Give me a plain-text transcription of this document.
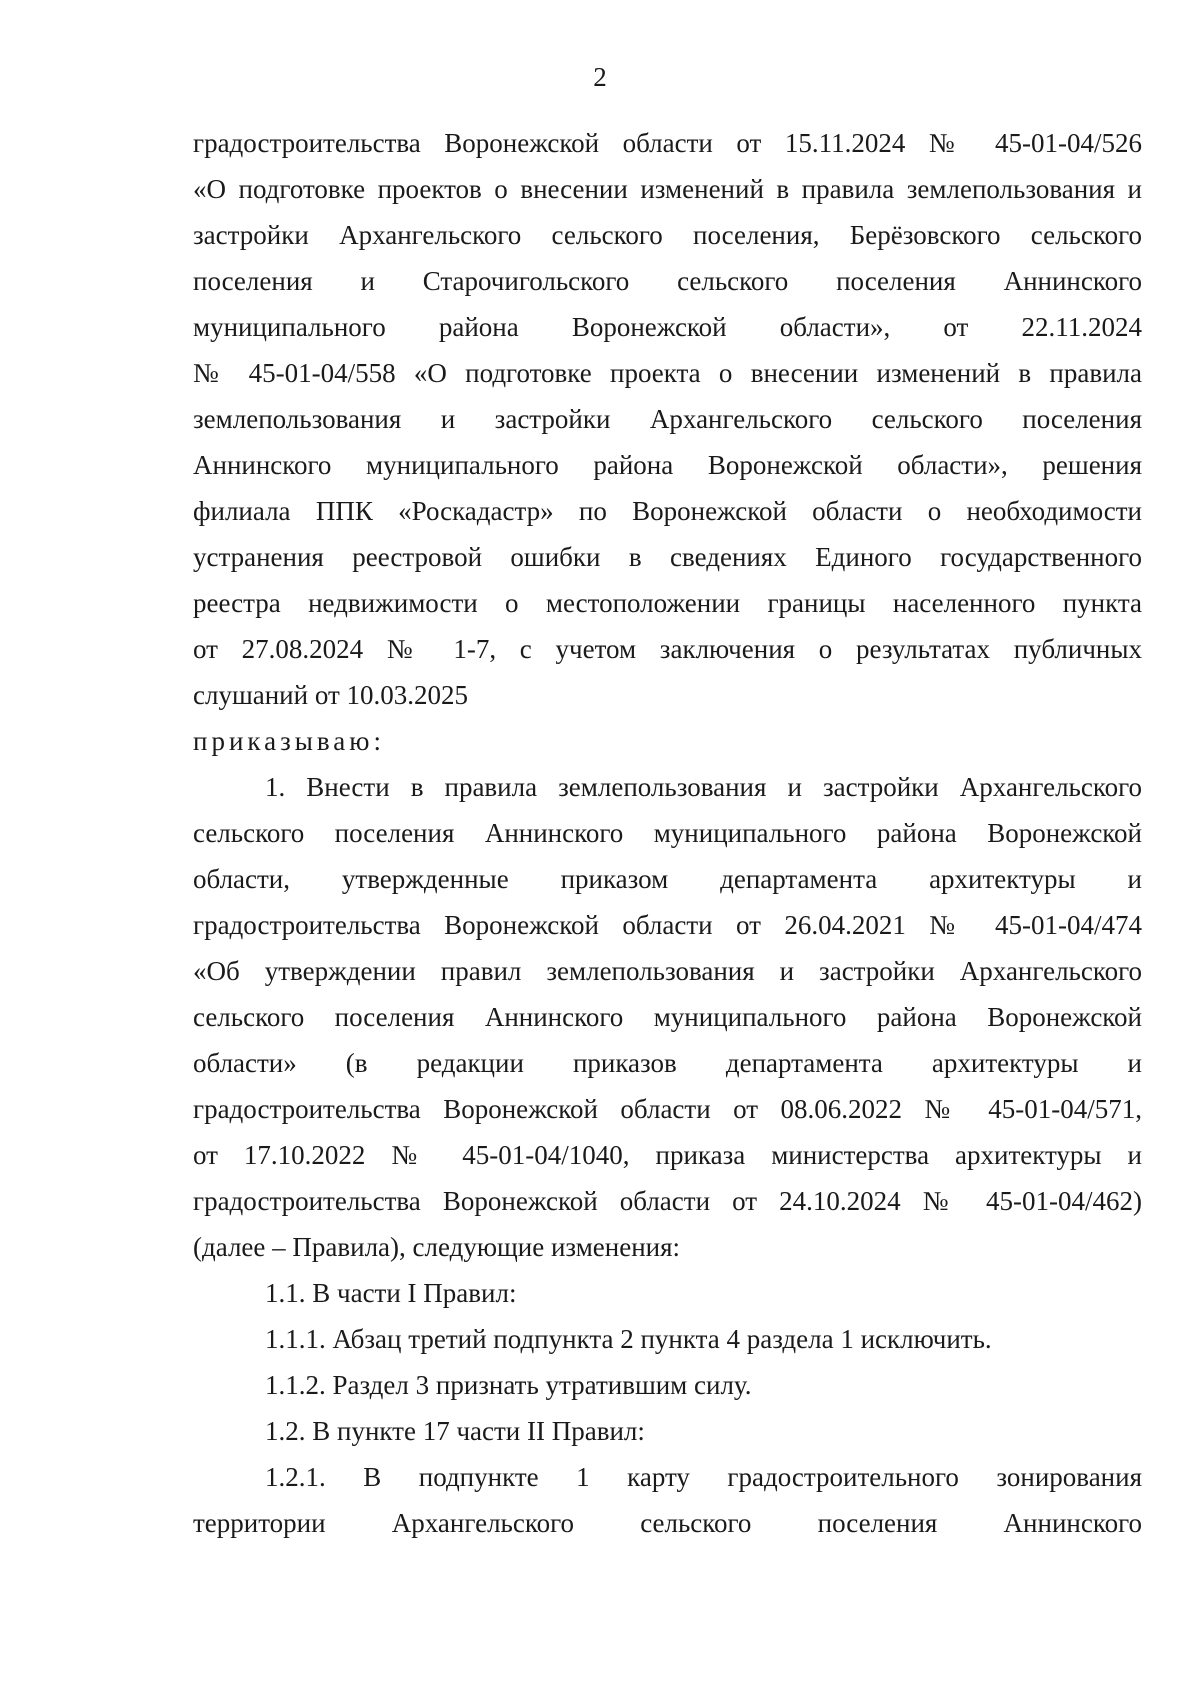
2
градостроительства Воронежской области от 15.11.2024 № 45-01-04/526
«О подготовке проектов о внесении изменений в правила землепользования и
застройки Архангельского сельского поселения, Берёзовского сельского
поселения и Старочигольского сельского поселения Аннинского
муниципального района Воронежской области», от 22.11.2024
№ 45-01-04/558 «О подготовке проекта о внесении изменений в правила
землепользования и застройки Архангельского сельского поселения
Аннинского муниципального района Воронежской области», решения
филиала ППК «Роскадастр» по Воронежской области о необходимости
устранения реестровой ошибки в сведениях Единого государственного
реестра недвижимости о местоположении границы населенного пункта
от 27.08.2024 № 1-7, с учетом заключения о результатах публичных
слушаний от 10.03.2025
приказываю:
1. Внести в правила землепользования и застройки Архангельского
сельского поселения Аннинского муниципального района Воронежской
области, утвержденные приказом департамента архитектуры и
градостроительства Воронежской области от 26.04.2021 № 45-01-04/474
«Об утверждении правил землепользования и застройки Архангельского
сельского поселения Аннинского муниципального района Воронежской
области» (в редакции приказов департамента архитектуры и
градостроительства Воронежской области от 08.06.2022 № 45-01-04/571,
от 17.10.2022 № 45-01-04/1040, приказа министерства архитектуры и
градостроительства Воронежской области от 24.10.2024 № 45-01-04/462)
(далее – Правила), следующие изменения:
1.1. В части I Правил:
1.1.1. Абзац третий подпункта 2 пункта 4 раздела 1 исключить.
1.1.2. Раздел 3 признать утратившим силу.
1.2. В пункте 17 части II Правил:
1.2.1. В подпункте 1 карту градостроительного зонирования
территории Архангельского сельского поселения Аннинского
